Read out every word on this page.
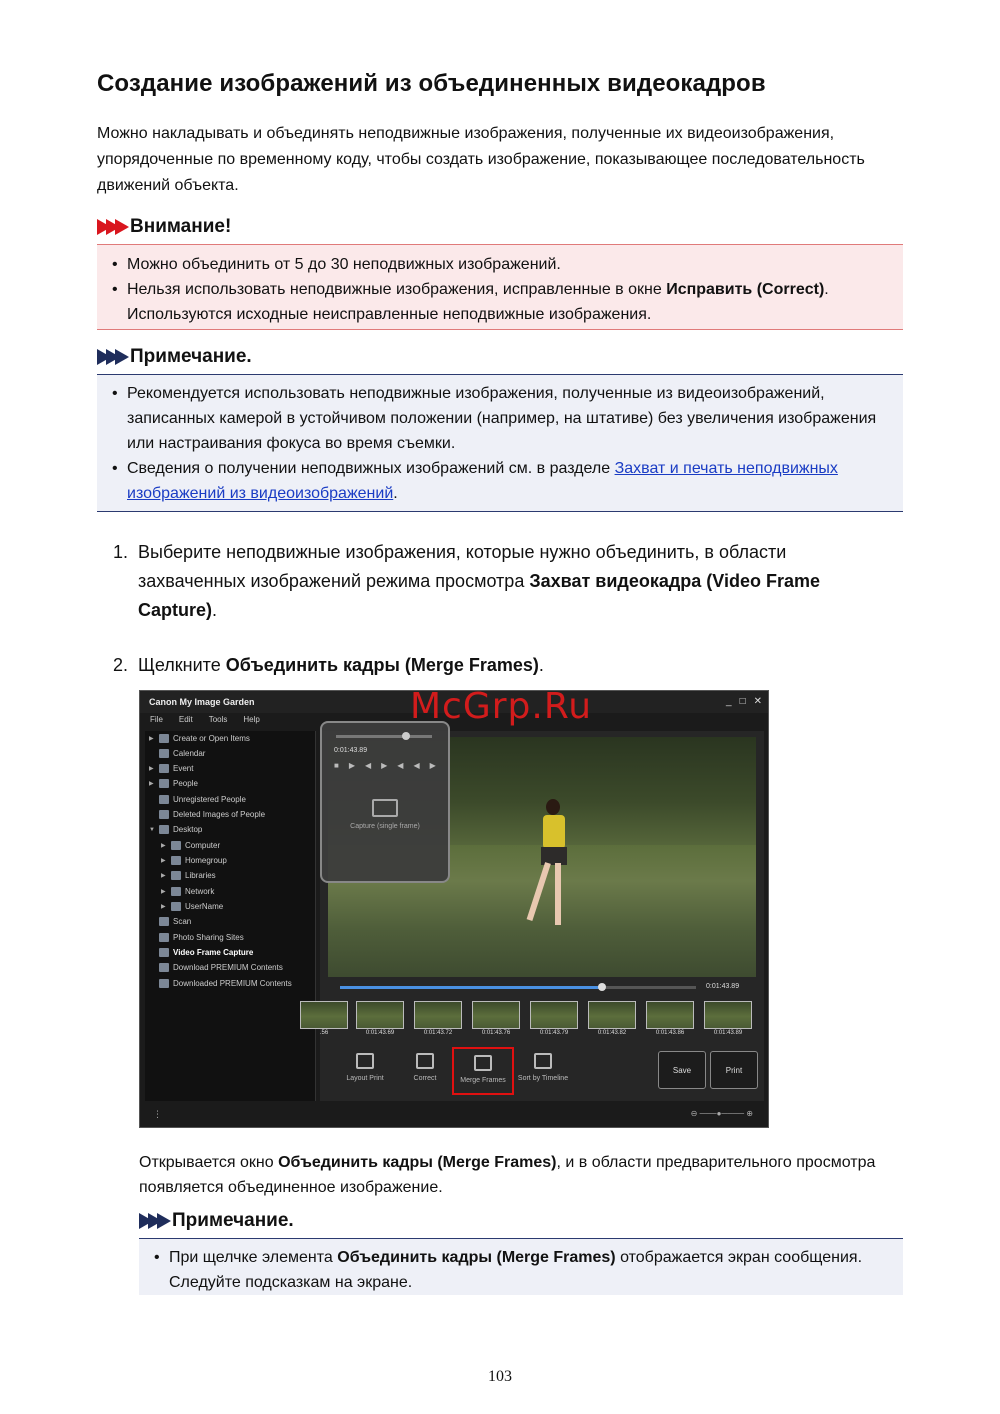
Создание изображений из объединенных видеокадров

Можно накладывать и объединять неподвижные изображения, полученные их видеоизображения, упорядоченные по временному коду, чтобы создать изображение, показывающее последовательность движений объекта.

Внимание!
• Можно объединить от 5 до 30 неподвижных изображений.
• Нельзя использовать неподвижные изображения, исправленные в окне Исправить (Correct). Используются исходные неисправленные неподвижные изображения.
Примечание.
• Рекомендуется использовать неподвижные изображения, полученные из видеоизображений, записанных камерой в устойчивом положении (например, на штативе) без увеличения изображения или настраивания фокуса во время съемки.
• Сведения о получении неподвижных изображений см. в разделе Захват и печать неподвижных изображений из видеоизображений.
1. Выберите неподвижные изображения, которые нужно объединить, в области захваченных изображений режима просмотра Захват видеокадра (Video Frame Capture).
2. Щелкните Объединить кадры (Merge Frames).
Canon My Image Garden	_ □ ✕
File Edit Tools Help
▶	Create or Open Items
Calendar
▶	Event
▶	People
Unregistered People
Deleted Images of People
▼	Desktop
▶	Computer
▶	Homegroup
▶	Libraries
▶	Network
▶	UserName
Scan
Photo Sharing Sites
Video Frame Capture
Download PREMIUM Contents
Downloaded PREMIUM Contents
0:01:43.89
■▶◀▶◀◀▶
Capture (single frame)
0:01:43.89
.56	0:01:43.69	0:01:43.72	0:01:43.76	0:01:43.79	0:01:43.82	0:01:43.86	0:01:43.89
Layout Print	Correct	Merge Frames	Sort by Timeline
Save	Print
⋮	⊖ ───●──── ⊕
McGrp.Ru

Открывается окно Объединить кадры (Merge Frames), и в области предварительного просмотра появляется объединенное изображение.

Примечание.
• При щелчке элемента Объединить кадры (Merge Frames) отображается экран сообщения. Следуйте подсказкам на экране.
103
